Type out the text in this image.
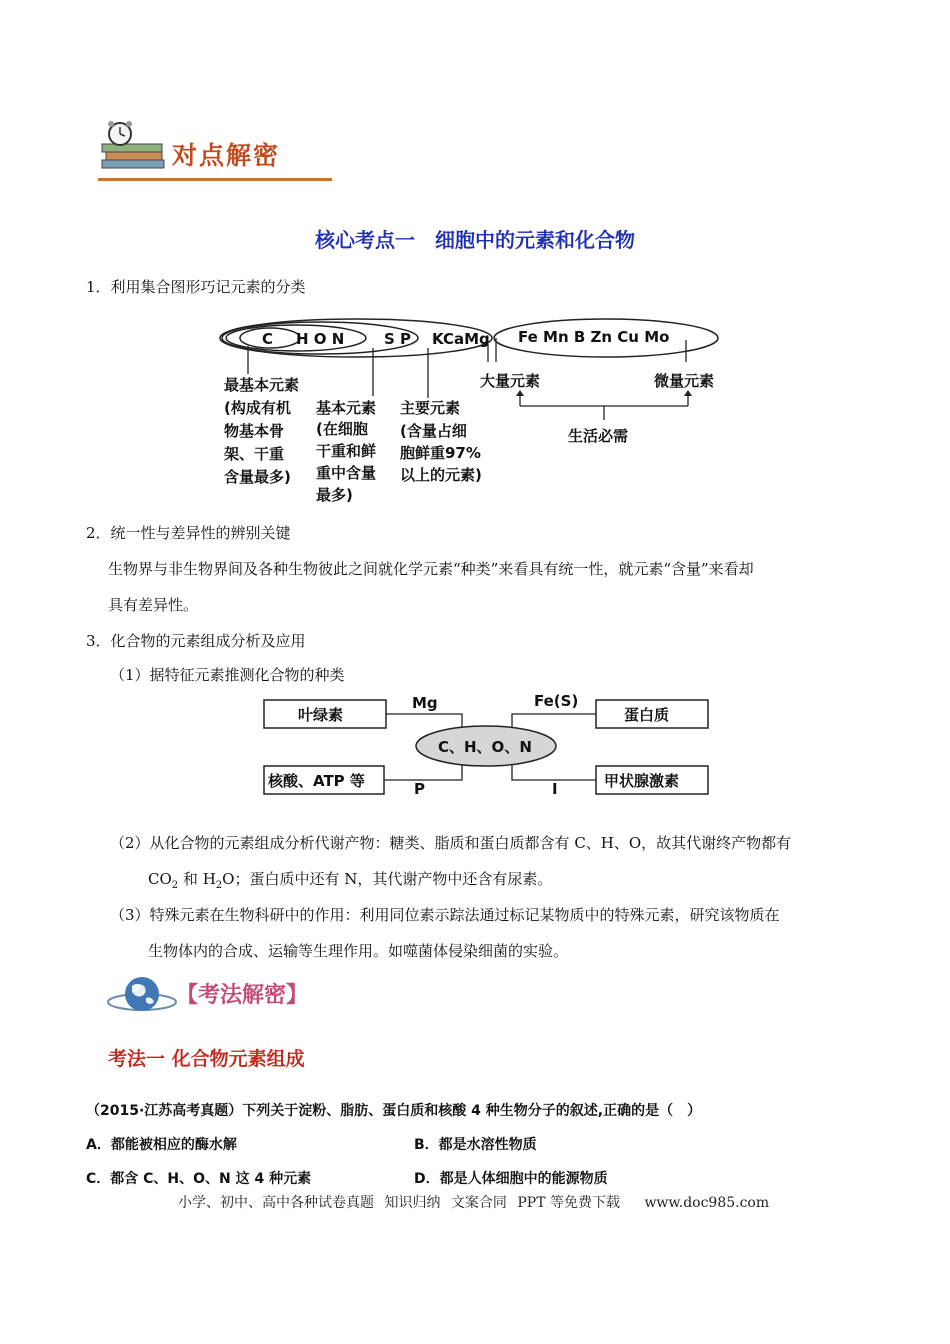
对点解密
核心考点一　细胞中的元素和化合物
1．利用集合图形巧记元素的分类
C H O N	S P KCaMg Fe Mn B Zn Cu Mo
最基本元素
(构成有机
物基本骨
架、干重
含量最多)
基本元素
(在细胞
干重和鲜
重中含量
最多)
主要元素
(含量占细
胞鲜重97%
以上的元素)
大量元素	微量元素
生活必需
2．统一性与差异性的辨别关键
生物界与非生物界间及各种生物彼此之间就化学元素“种类”来看具有统一性，就元素“含量”来看却
具有差异性。
3．化合物的元素组成分析及应用
（1）据特征元素推测化合物的种类
叶绿素	蛋白质
核酸、ATP 等	甲状腺激素
C、H、O、N
Mg	Fe(S)
P	I
（2）从化合物的元素组成分析代谢产物：糖类、脂质和蛋白质都含有 C、H、O，故其代谢终产物都有
$CO_2$ 和 $H_2O$；蛋白质中还有 N，其代谢产物中还含有尿素。
（3）特殊元素在生物科研中的作用：利用同位素示踪法通过标记某物质中的特殊元素，研究该物质在
生物体内的合成、运输等生理作用。如噬菌体侵染细菌的实验。
【考法解密】
考法一 化合物元素组成
（2015·江苏高考真题）下列关于淀粉、脂肪、蛋白质和核酸 4 种生物分子的叙述,正确的是（　）
A．都能被相应的酶水解	B．都是水溶性物质
C．都含 C、H、O、N 这 4 种元素	D．都是人体细胞中的能源物质
小学、初中、高中各种试卷真题 知识归纳 文案合同 PPT 等免费下载 www.doc985.com
